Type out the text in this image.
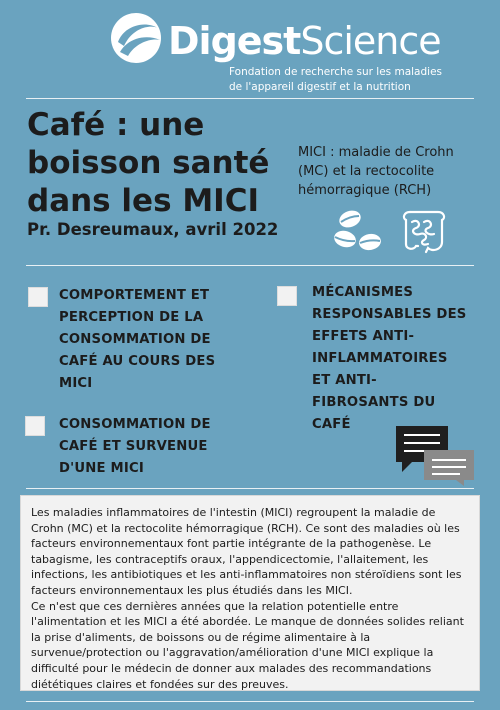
DigestScience
Fondation de recherche sur les maladies
de l'appareil digestif et la nutrition
Café : une
boisson santé
dans les MICI
Pr. Desreumaux, avril 2022
MICI : maladie de Crohn (MC) et la rectocolite hémorragique (RCH)
COMPORTEMENT ET
PERCEPTION DE LA
CONSOMMATION DE
CAFÉ AU COURS DES
MICI
CONSOMMATION DE
CAFÉ ET SURVENUE
D'UNE MICI
MÉCANISMES
RESPONSABLES DES
EFFETS ANTI-
INFLAMMATOIRES
ET ANTI-
FIBROSANTS DU
CAFÉ

Les maladies inflammatoires de l'intestin (MICI) regroupent la maladie de Crohn (MC) et la rectocolite hémorragique (RCH). Ce sont des maladies où les facteurs environnementaux font partie intégrante de la pathogenèse. Le tabagisme, les contraceptifs oraux, l'appendicectomie, l'allaitement, les infections, les antibiotiques et les anti-inflammatoires non stéroïdiens sont les facteurs environnementaux les plus étudiés dans les MICI.

Ce n'est que ces dernières années que la relation potentielle entre l'alimentation et les MICI a été abordée. Le manque de données solides reliant la prise d'aliments, de boissons ou de régime alimentaire à la survenue/protection ou l'aggravation/amélioration d'une MICI explique la difficulté pour le médecin de donner aux malades des recommandations diététiques claires et fondées sur des preuves.
